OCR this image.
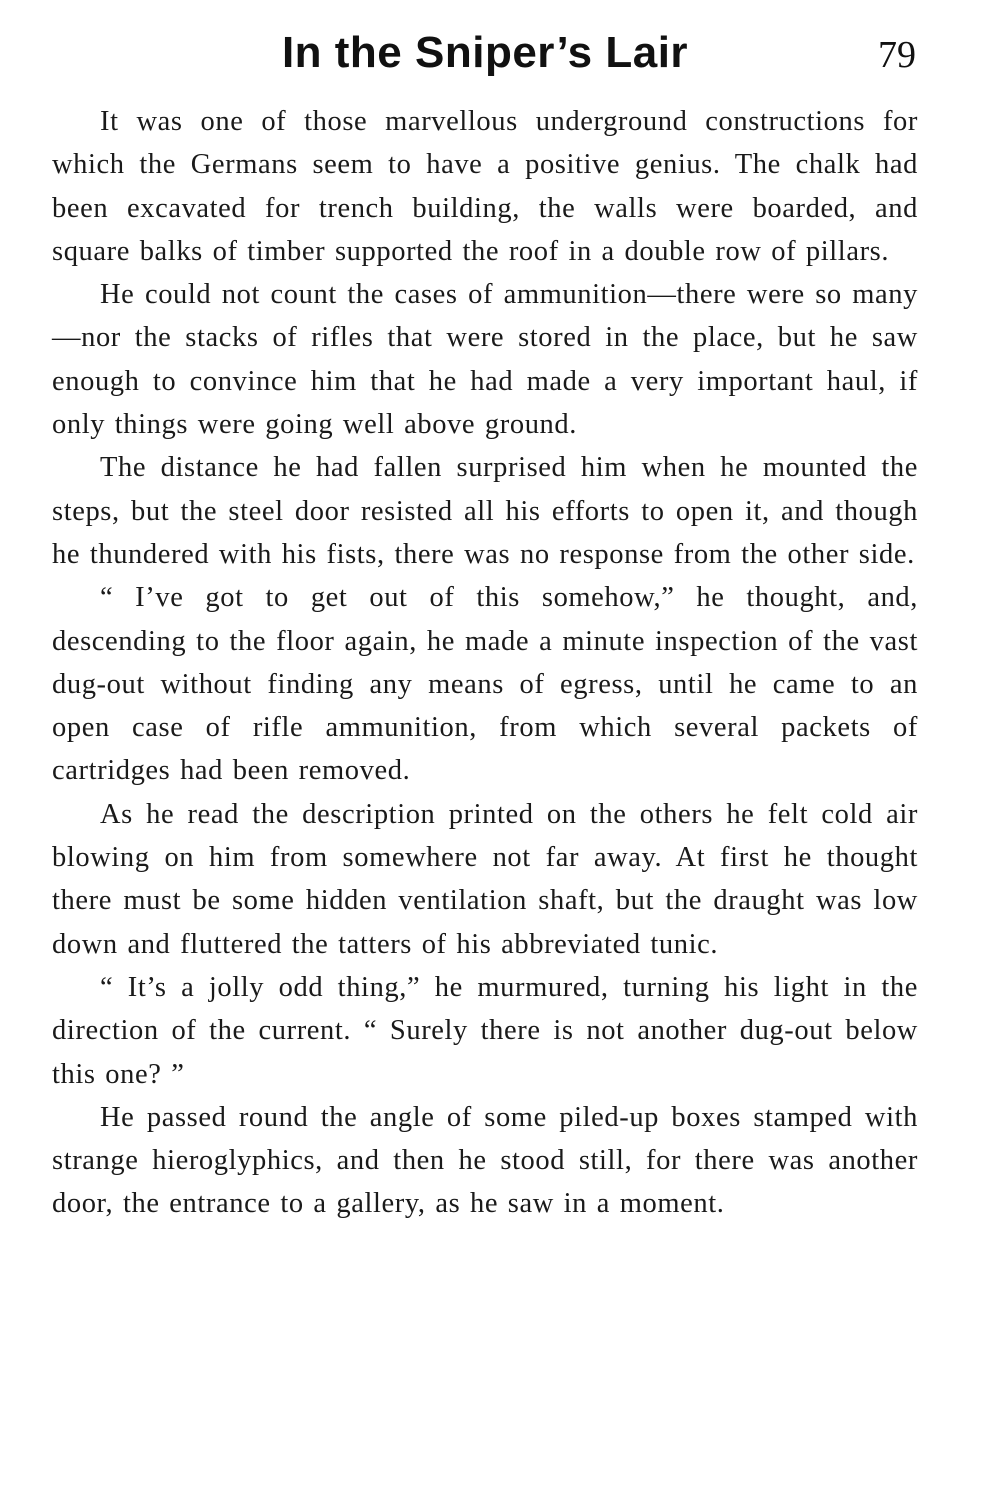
In the Sniper’s Lair	79

It was one of those marvellous underground constructions for which the Germans seem to have a positive genius. The chalk had been excavated for trench building, the walls were boarded, and square balks of timber supported the roof in a double row of pillars.

He could not count the cases of ammunition—there were so many—nor the stacks of rifles that were stored in the place, but he saw enough to convince him that he had made a very important haul, if only things were going well above ground.

The distance he had fallen surprised him when he mounted the steps, but the steel door resisted all his efforts to open it, and though he thundered with his fists, there was no response from the other side.

“ I’ve got to get out of this somehow,” he thought, and, descending to the floor again, he made a minute inspection of the vast dug-out without finding any means of egress, until he came to an open case of rifle ammunition, from which several packets of cartridges had been removed.

As he read the description printed on the others he felt cold air blowing on him from somewhere not far away. At first he thought there must be some hidden ventilation shaft, but the draught was low down and fluttered the tatters of his abbreviated tunic.

“ It’s a jolly odd thing,” he murmured, turning his light in the direction of the current. “ Surely there is not another dug-out below this one? ”

He passed round the angle of some piled-up boxes stamped with strange hieroglyphics, and then he stood still, for there was another door, the entrance to a gallery, as he saw in a moment.
